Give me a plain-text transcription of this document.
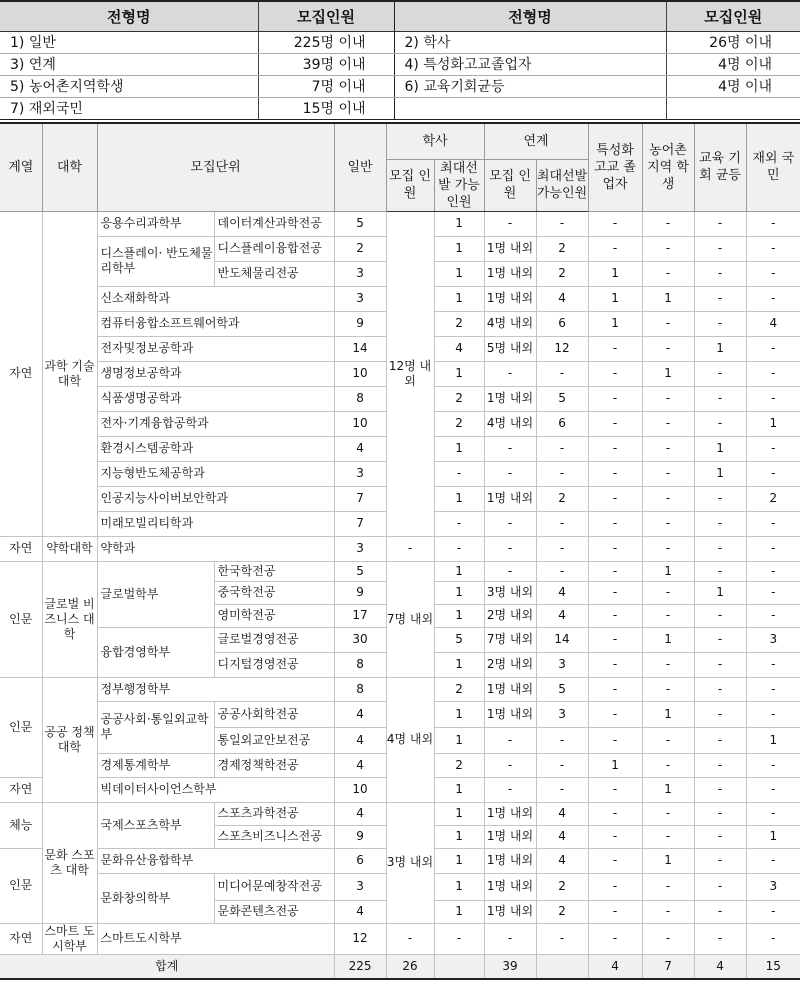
전형명	모집인원	전형명	모집인원
1) 일반	225명 이내	2) 학사	26명 이내
3) 연계	39명 이내	4) 특성화고교졸업자	4명 이내
5) 농어촌지역학생	7명 이내	6) 교육기회균등	4명 이내
7) 재외국민	15명 이내		
계열	대학	모집단위		일반	학사		연계		특성화 고교 졸업자	농어촌 지역 학생	교육 기회 균등	재외 국민
					모집 인원	최대선발 가능인원	모집 인원	최대선발 가능인원				
자연	과학 기술 대학	응용수리과학부	데이터계산과학전공	5	12명 내외	1	-	-	-	-	-	-
		디스플레이· 반도체물리학부	디스플레이융합전공	2		1	1명 내외	2	-	-	-	-
			반도체물리전공	3		1	1명 내외	2	1	-	-	-
		신소재화학과		3		1	1명 내외	4	1	1	-	-
		컴퓨터융합소프트웨어학과		9		2	4명 내외	6	1	-	-	4
		전자및정보공학과		14		4	5명 내외	12	-	-	1	-
		생명정보공학과		10		1	-	-	-	1	-	-
		식품생명공학과		8		2	1명 내외	5	-	-	-	-
		전자·기계융합공학과		10		2	4명 내외	6	-	-	-	1
		환경시스템공학과		4		1	-	-	-	-	1	-
		지능형반도체공학과		3		-	-	-	-	-	1	-
		인공지능사이버보안학과		7		1	1명 내외	2	-	-	-	2
		미래모빌리티학과		7		-	-	-	-	-	-	-
자연	약학대학	약학과		3	-	-	-	-	-	-	-	-
인문	글로벌 비즈니스 대학	글로벌학부	한국학전공	5	7명 내외	1	-	-	-	1	-	-
			중국학전공	9		1	3명 내외	4	-	-	1	-
			영미학전공	17		1	2명 내외	4	-	-	-	-
		융합경영학부	글로벌경영전공	30		5	7명 내외	14	-	1	-	3
			디지털경영전공	8		1	2명 내외	3	-	-	-	-
인문	공공 정책 대학	정부행정학부		8	4명 내외	2	1명 내외	5	-	-	-	-
		공공사회·통일외교학부	공공사회학전공	4		1	1명 내외	3	-	1	-	-
			통일외교안보전공	4		1	-	-	-	-	-	1
		경제통계학부	경제정책학전공	4		2	-	-	1	-	-	-
자연		빅데이터사이언스학부		10		1	-	-	-	1	-	-
체능	문화 스포츠 대학	국제스포츠학부	스포츠과학전공	4	3명 내외	1	1명 내외	4	-	-	-	-
			스포츠비즈니스전공	9		1	1명 내외	4	-	-	-	1
인문		문화유산융합학부		6		1	1명 내외	4	-	1	-	-
		문화창의학부	미디어문예창작전공	3		1	1명 내외	2	-	-	-	3
			문화콘텐츠전공	4		1	1명 내외	2	-	-	-	-
자연	스마트 도시학부	스마트도시학부		12	-	-	-	-	-	-	-	-
합계				225	26		39		4	7	4	15
